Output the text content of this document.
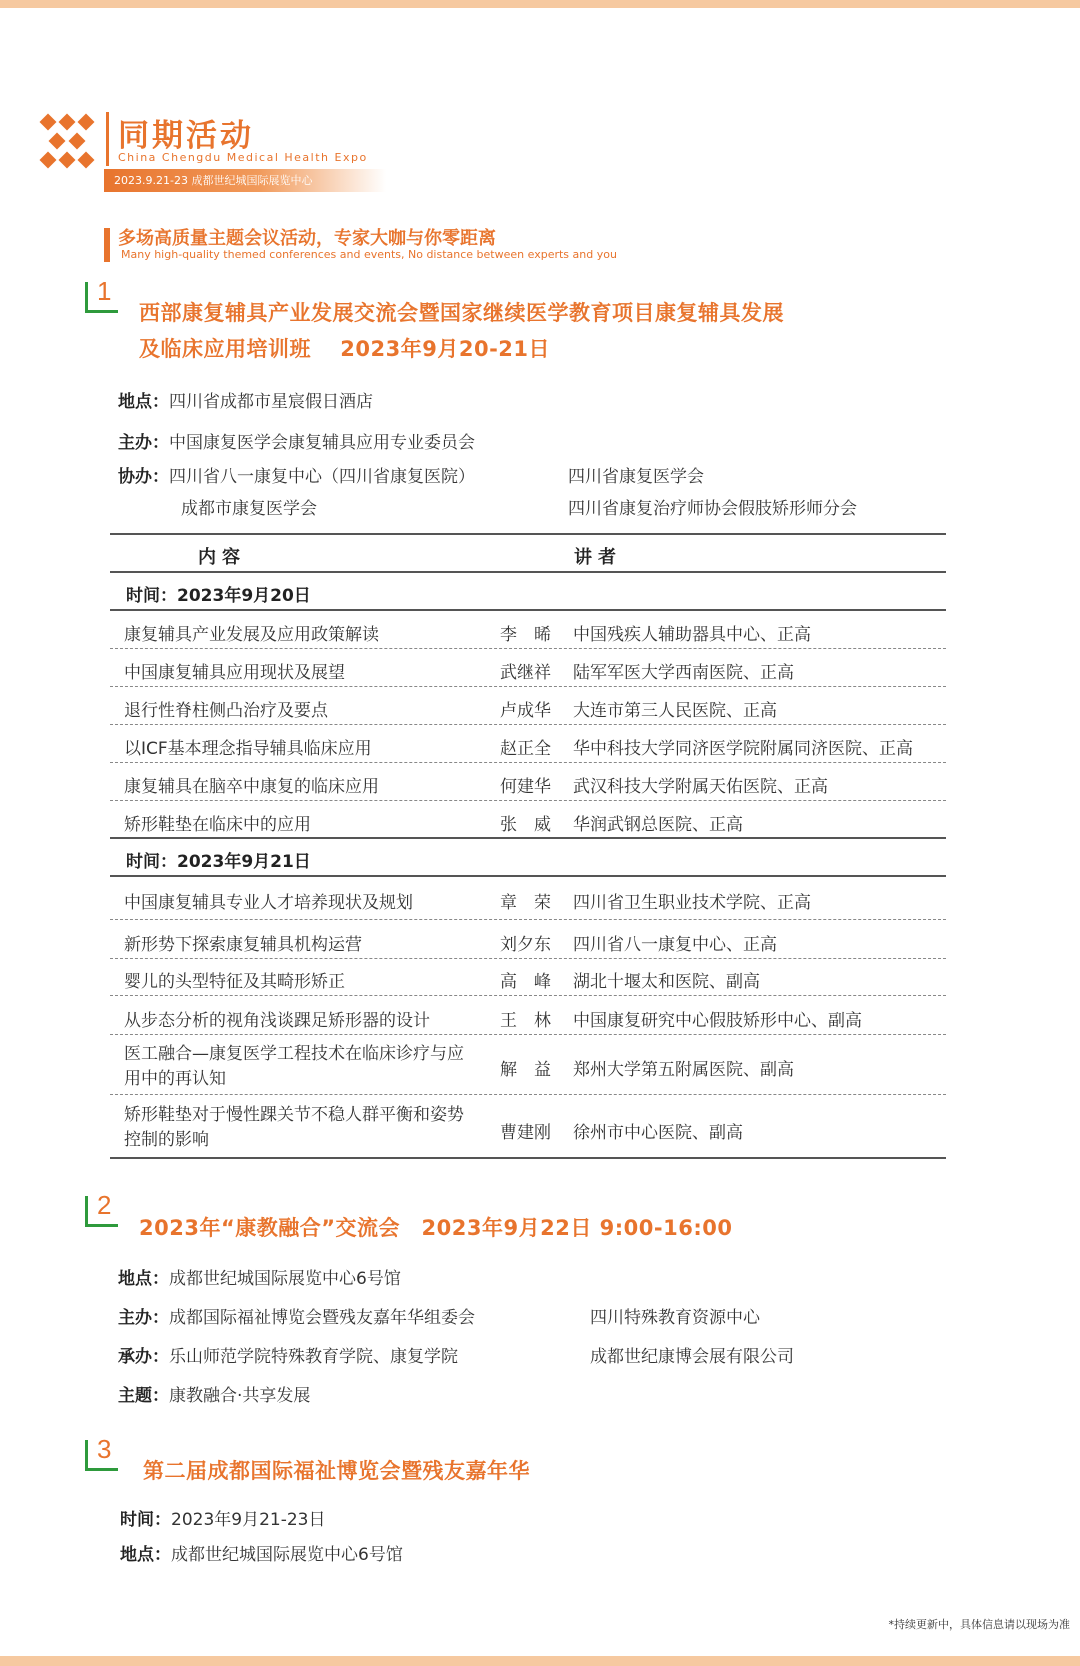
同期活动
China Chengdu Medical Health Expo
2023.9.21-23 成都世纪城国际展览中心
多场高质量主题会议活动，专家大咖与你零距离
Many high-quality themed conferences and events, No distance between experts and you
1
西部康复辅具产业发展交流会暨国家继续医学教育项目康复辅具发展
及临床应用培训班　 2023年9月20-21日
地点：四川省成都市星宸假日酒店
主办：中国康复医学会康复辅具应用专业委员会
协办：四川省八一康复中心（四川省康复医院）	四川省康复医学会
成都市康复医学会	四川省康复治疗师协会假肢矫形师分会
内容	讲者
时间：2023年9月20日
康复辅具产业发展及应用政策解读	李　晞 中国残疾人辅助器具中心、正高
中国康复辅具应用现状及展望	武继祥 陆军军医大学西南医院、正高
退行性脊柱侧凸治疗及要点	卢成华 大连市第三人民医院、正高
以ICF基本理念指导辅具临床应用	赵正全 华中科技大学同济医学院附属同济医院、正高
康复辅具在脑卒中康复的临床应用	何建华 武汉科技大学附属天佑医院、正高
矫形鞋垫在临床中的应用	张　威 华润武钢总医院、正高
时间：2023年9月21日
中国康复辅具专业人才培养现状及规划	章　荣 四川省卫生职业技术学院、正高
新形势下探索康复辅具机构运营	刘夕东 四川省八一康复中心、正高
婴儿的头型特征及其畸形矫正	高　峰 湖北十堰太和医院、副高
从步态分析的视角浅谈踝足矫形器的设计	王　林 中国康复研究中心假肢矫形中心、副高
医工融合—康复医学工程技术在临床诊疗与应用中的再认知	解　益 郑州大学第五附属医院、副高
矫形鞋垫对于慢性踝关节不稳人群平衡和姿势控制的影响	曹建刚 徐州市中心医院、副高
2
2023年“康教融合”交流会　2023年9月22日 9:00-16:00
地点：成都世纪城国际展览中心6号馆
主办：成都国际福祉博览会暨残友嘉年华组委会	四川特殊教育资源中心
承办：乐山师范学院特殊教育学院、康复学院	成都世纪康博会展有限公司
主题：康教融合·共享发展
3
第二届成都国际福祉博览会暨残友嘉年华
时间：2023年9月21-23日
地点：成都世纪城国际展览中心6号馆
*持续更新中，具体信息请以现场为准
